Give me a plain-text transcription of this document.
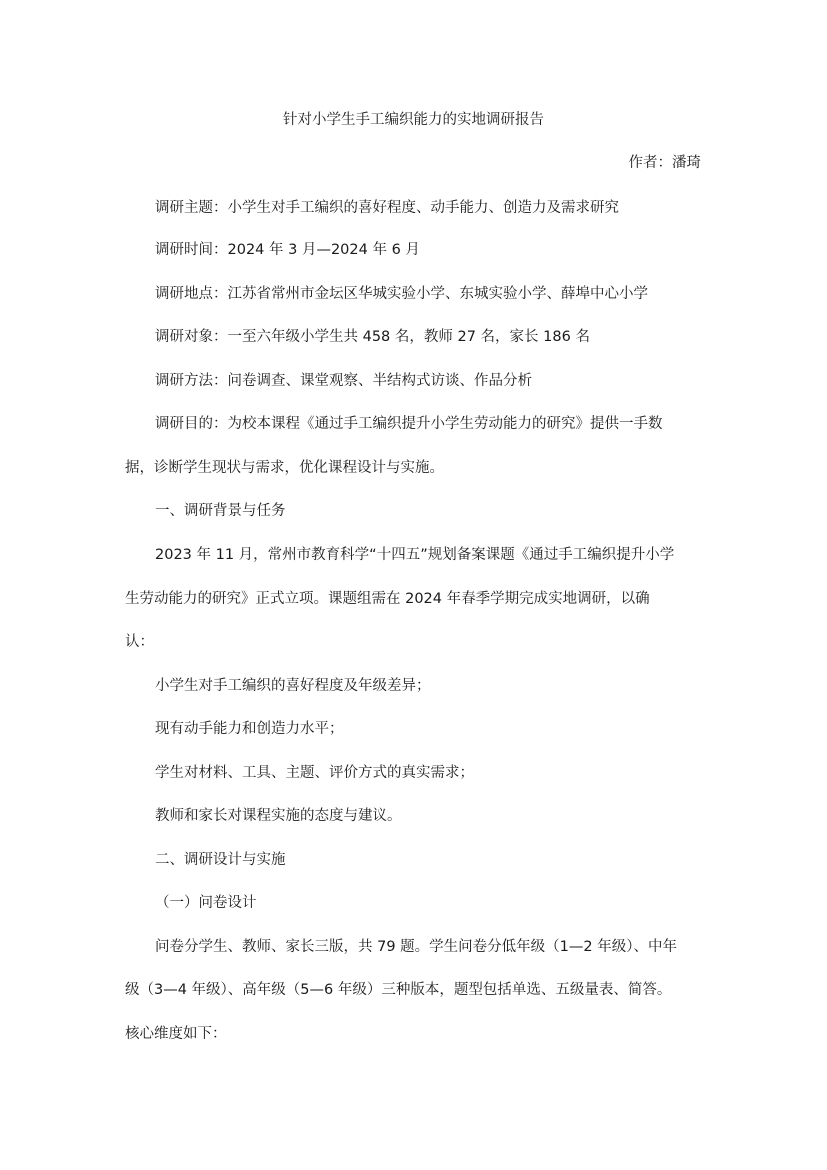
针对小学生手工编织能力的实地调研报告
作者：潘琦
调研主题：小学生对手工编织的喜好程度、动手能力、创造力及需求研究
调研时间：2024 年 3 月—2024 年 6 月
调研地点：江苏省常州市金坛区华城实验小学、东城实验小学、薛埠中心小学
调研对象：一至六年级小学生共 458 名，教师 27 名，家长 186 名
调研方法：问卷调查、课堂观察、半结构式访谈、作品分析
调研目的：为校本课程《通过手工编织提升小学生劳动能力的研究》提供一手数
据，诊断学生现状与需求，优化课程设计与实施。
一、调研背景与任务
2023 年 11 月，常州市教育科学“十四五”规划备案课题《通过手工编织提升小学
生劳动能力的研究》正式立项。课题组需在 2024 年春季学期完成实地调研，以确
认：
小学生对手工编织的喜好程度及年级差异；
现有动手能力和创造力水平；
学生对材料、工具、主题、评价方式的真实需求；
教师和家长对课程实施的态度与建议。
二、调研设计与实施
（一）问卷设计
问卷分学生、教师、家长三版，共 79 题。学生问卷分低年级（1—2 年级）、中年
级（3—4 年级）、高年级（5—6 年级）三种版本，题型包括单选、五级量表、简答。
核心维度如下：
